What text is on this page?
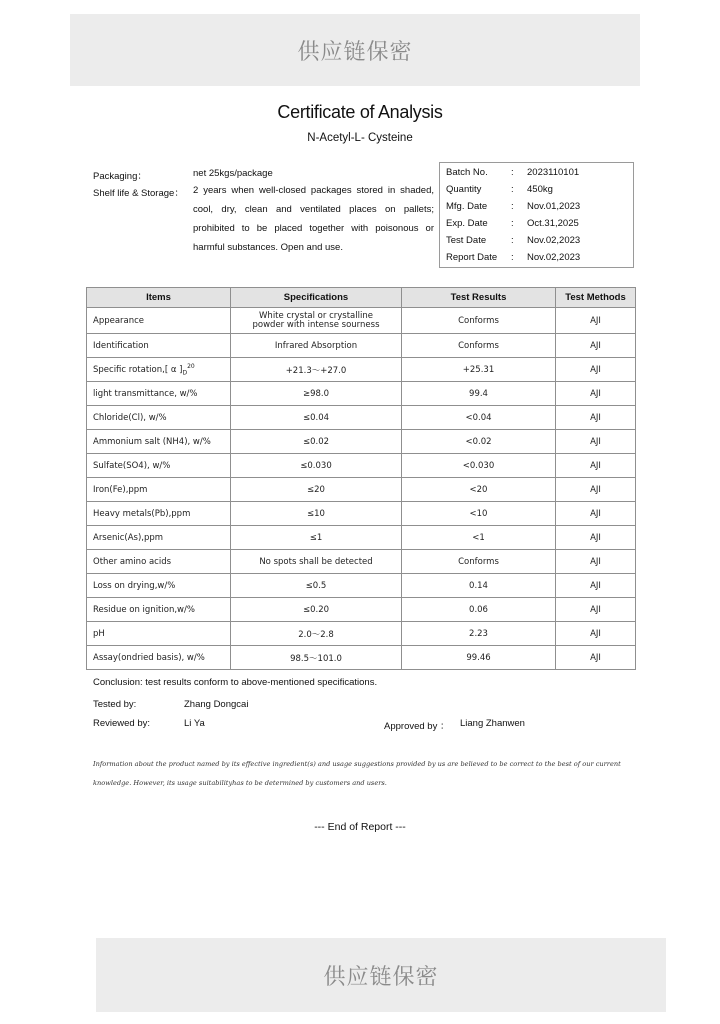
供应链保密
Certificate of Analysis
N-Acetyl-L- Cysteine
Packaging：	net 25kgs/package
Shelf life & Storage： 2 years when well-closed packages stored in shaded, cool, dry, clean and ventilated places on pallets; prohibited to be placed together with poisonous or harmful substances. Open and use.
Batch No. : 2023110101
Quantity	: 450kg
Mfg. Date	: Nov.01,2023
Exp. Date : Oct.31,2025
Test Date	: Nov.02,2023
Report Date : Nov.02,2023
Items	Specifications	Test Results	Test Methods
Appearance	White crystal or crystalline
powder with intense sourness	Conforms	AJI
Identification	Infrared Absorption	Conforms	AJI
Specific rotation,[ α ]$_D^{20}$	+21.3～+27.0	+25.31	AJI
light transmittance, w/%	≥98.0	99.4	AJI
Chloride(Cl), w/%	≤0.04	<0.04	AJI
Ammonium salt (NH4), w/%	≤0.02	<0.02	AJI
Sulfate(SO4), w/%	≤0.030	<0.030	AJI
Iron(Fe),ppm	≤20	<20	AJI
Heavy metals(Pb),ppm	≤10	<10	AJI
Arsenic(As),ppm	≤1	<1	AJI
Other amino acids	No spots shall be detected	Conforms	AJI
Loss on drying,w/%	≤0.5	0.14	AJI
Residue on ignition,w/%	≤0.20	0.06	AJI
pH	2.0～2.8	2.23	AJI
Assay(ondried basis), w/%	98.5～101.0	99.46	AJI
Conclusion: test results conform to above-mentioned specifications.
Tested by:	Zhang Dongcai
Reviewed by:	Li Ya	Approved by ： Liang Zhanwen
Information about the product named by its effective ingredient(s) and usage suggestions provided by us are believed to be correct to the best of our current knowledge. However, its usage suitabilityhas to be determined by customers and users.
--- End of Report ---
供应链保密
